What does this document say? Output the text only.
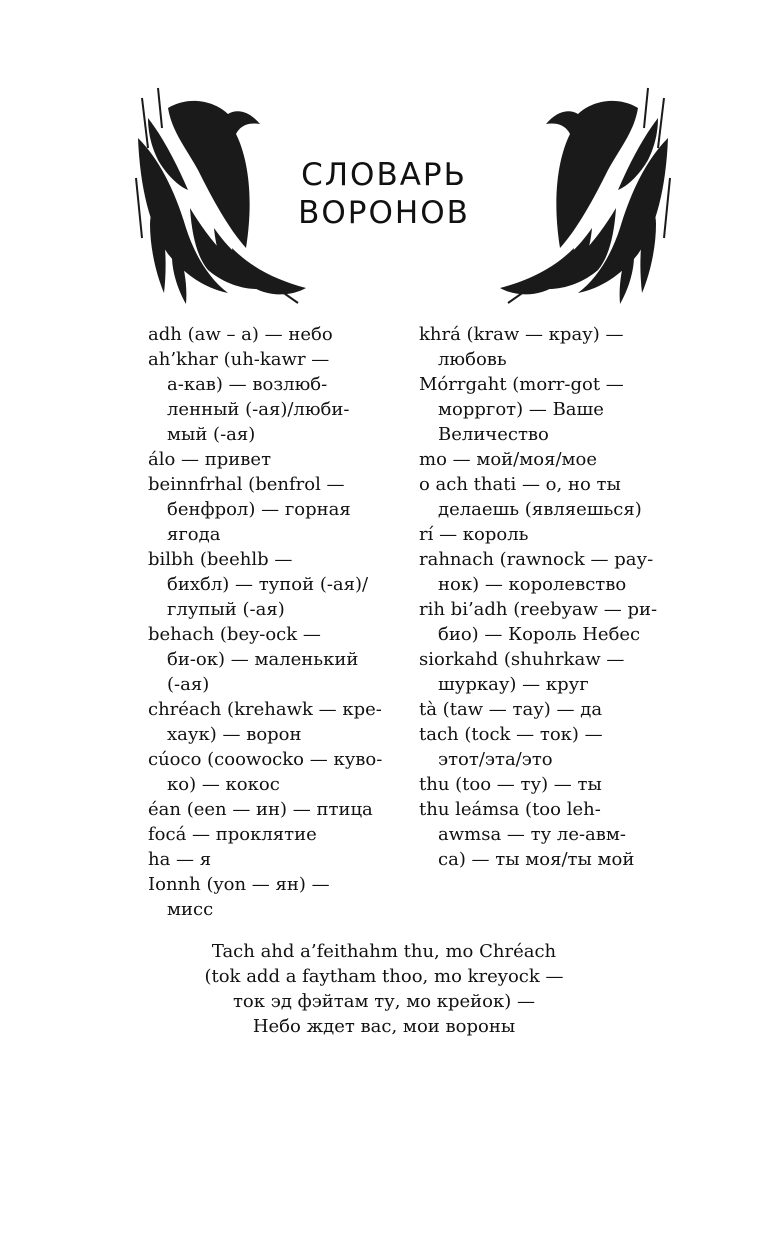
СЛОВАРЬ
ВОРОНОВ
adh (aw – a) — небо
ah’khar (uh-kawr —
а-кав) — возлюб-
ленный (-ая)/люби-
мый (-ая)
álo — привет
beinnfrhal (benfrol —
бенфрол) — горная
ягода
bilbh (beehlb —
бихбл) — тупой (-ая)/
глупый (-ая)
behach (bey-ock —
би-ок) — маленький
(-ая)
chréach (krehawk — кре-
хаук) — ворон
cúoco (coowocko — куво-
ко) — кокос
éan (een — ин) — птица
focá — проклятие
ha — я
Ionnh (yon — ян) —
мисс
khrá (kraw — крау) —
любовь
Mórrgaht (morr-got —
морргот) — Ваше
Величество
mo — мой/моя/мое
o ach thati — о, но ты
делаешь (являешься)
rí — король
rahnach (rawnock — рау-
нок) — королевство
rih bi’adh (reebyaw — ри-
био) — Король Небес
siorkahd (shuhrkaw —
шуркау) — круг
tà (taw — тау) — да
tach (tock — ток) —
этот/эта/это
thu (too — ту) — ты
thu leámsa (too leh-
awmsa — ту ле-авм-
са) — ты моя/ты мой
Tach ahd a’feithahm thu, mo Chréach
(tok add a faytham thoo, mo kreyock —
ток эд фэйтам ту, мо крейок) —
Небо ждет вас, мои вороны
